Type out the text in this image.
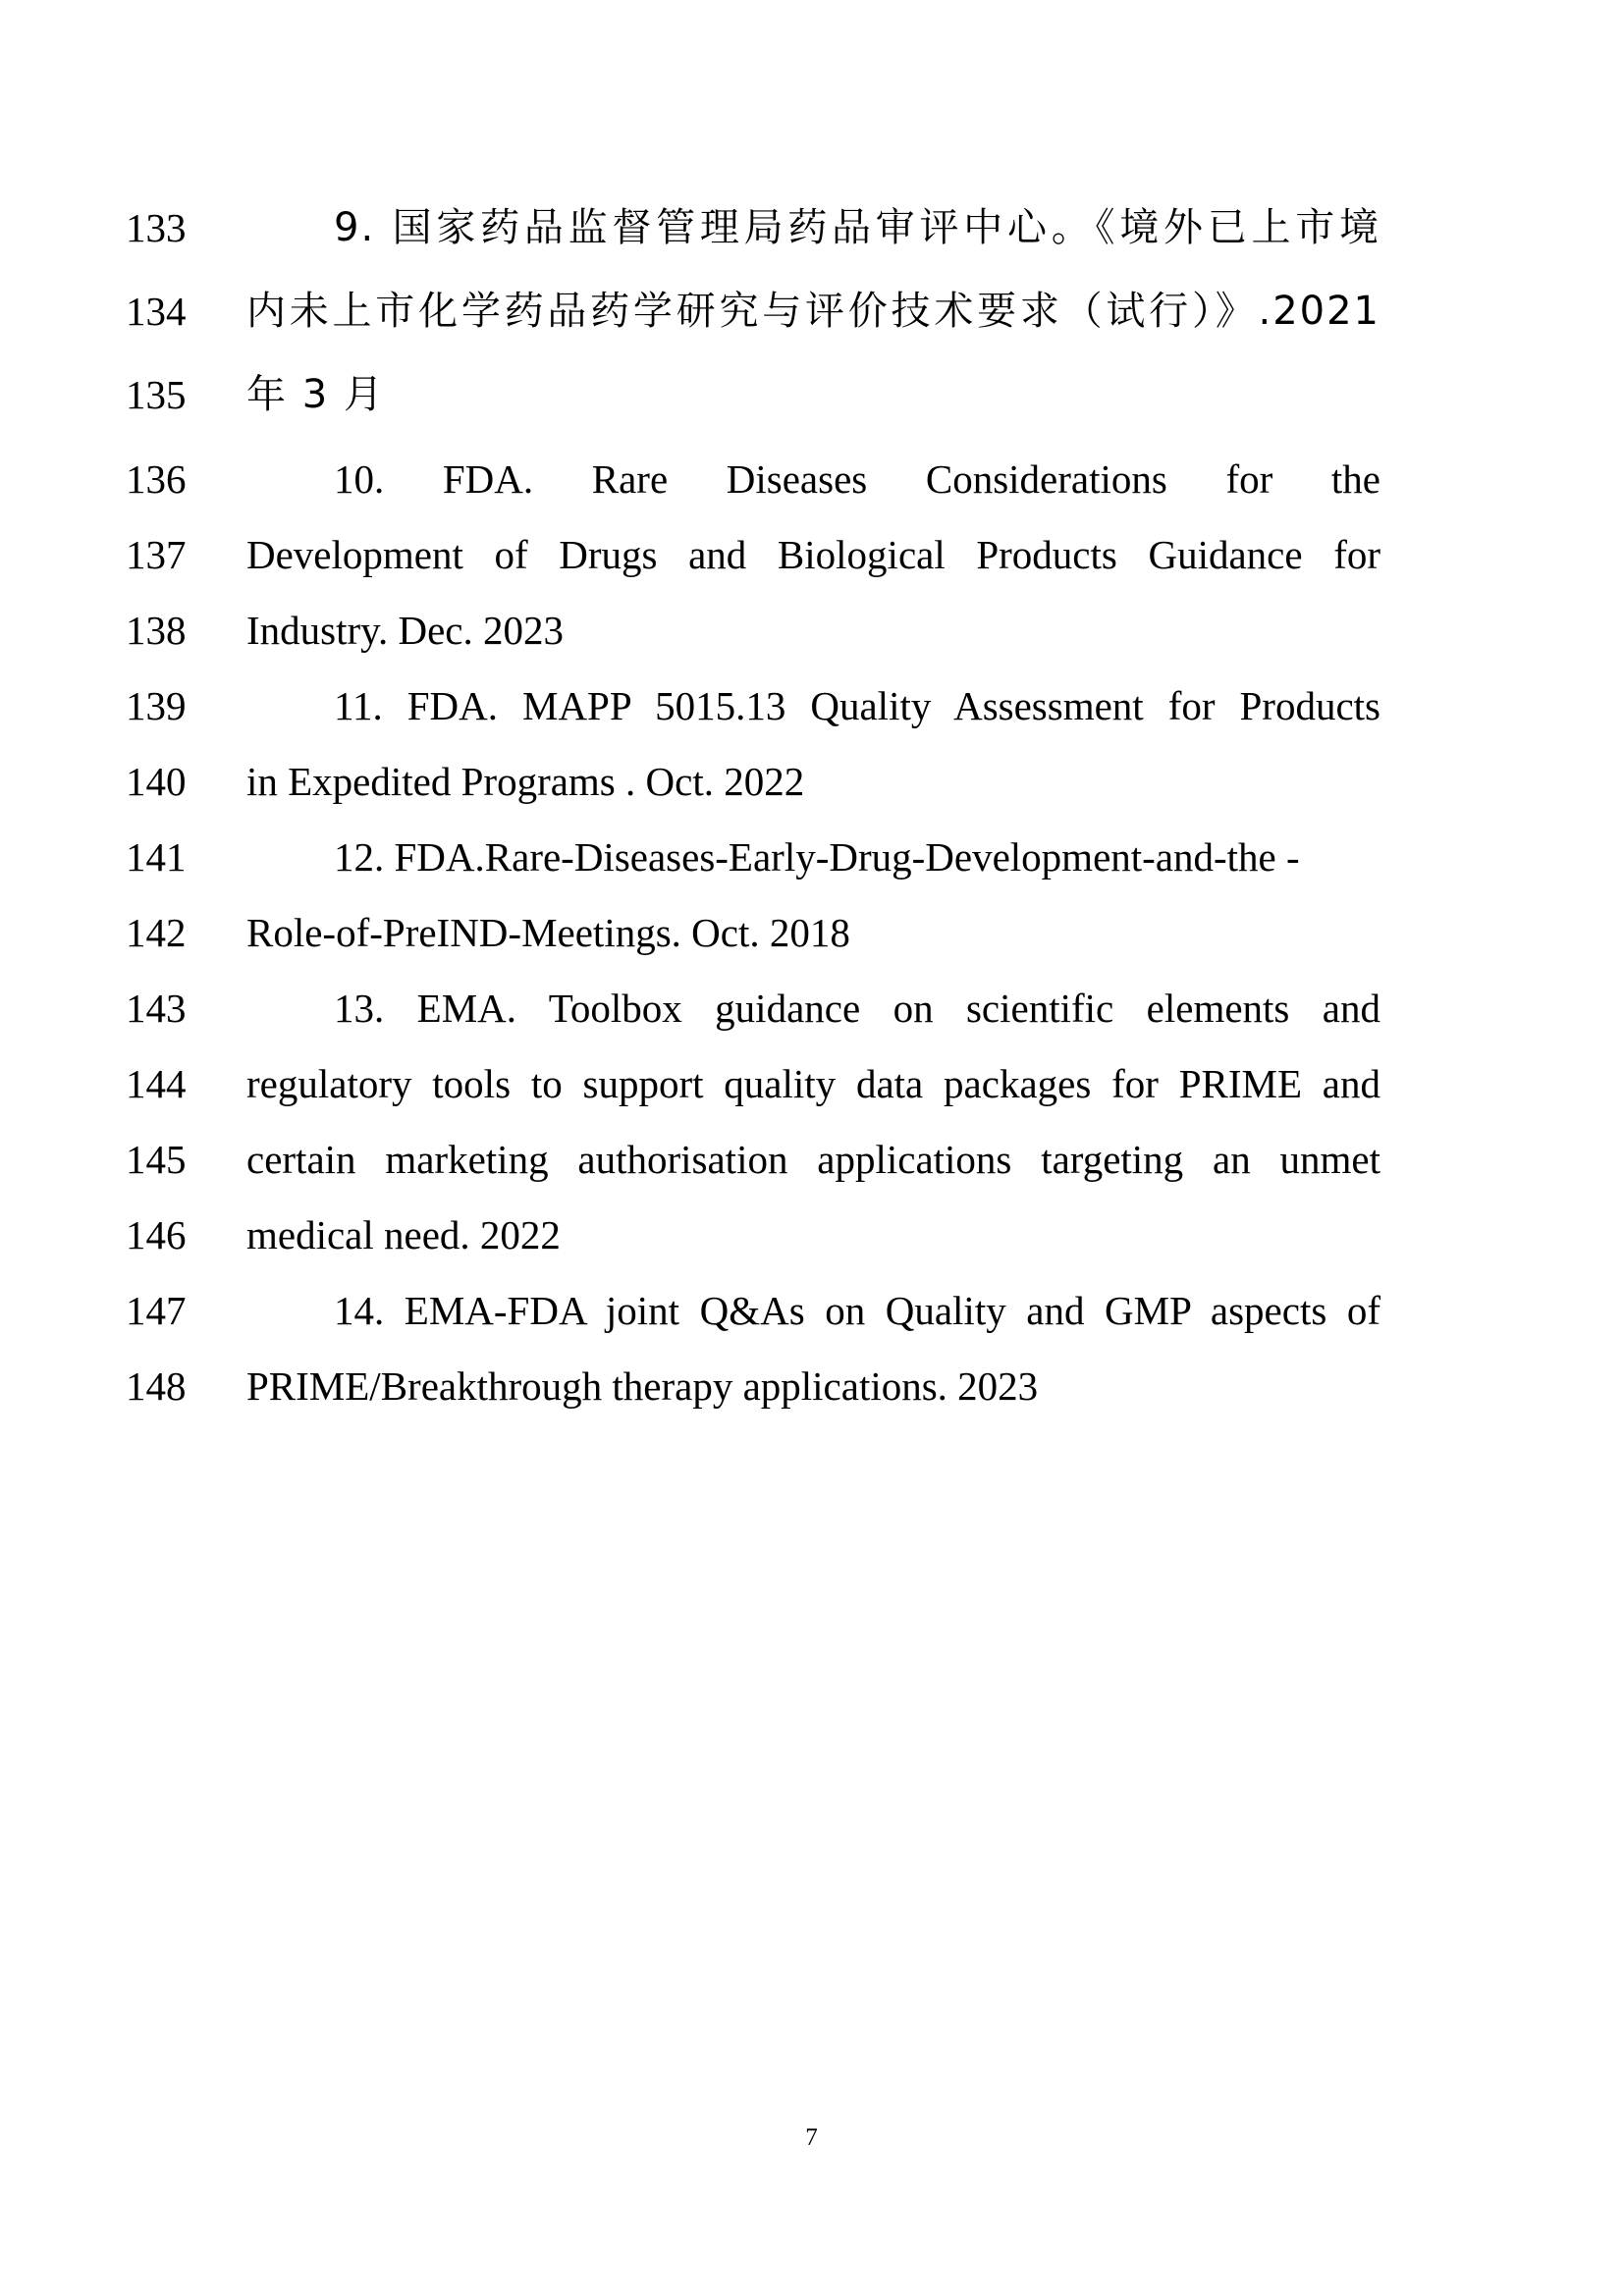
133	9. 国家药品监督管理局药品审评中心。《境外已上市境
134 内未上市化学药品药学研究与评价技术要求（试行）》.2021
135 年 3 月
136	10. FDA. Rare Diseases Considerations for the
137 Development of Drugs and Biological Products Guidance for
138 Industry. Dec. 2023
139	11. FDA. MAPP 5015.13 Quality Assessment for Products
140 in Expedited Programs . Oct. 2022
141	12. FDA.Rare-Diseases-Early-Drug-Development-and-the -
142 Role-of-PreIND-Meetings. Oct. 2018
143	13. EMA. Toolbox guidance on scientific elements and
144 regulatory tools to support quality data packages for PRIME and
145 certain marketing authorisation applications targeting an unmet
146 medical need. 2022
147	14. EMA-FDA joint Q&As on Quality and GMP aspects of
148 PRIME/Breakthrough therapy applications. 2023
7
